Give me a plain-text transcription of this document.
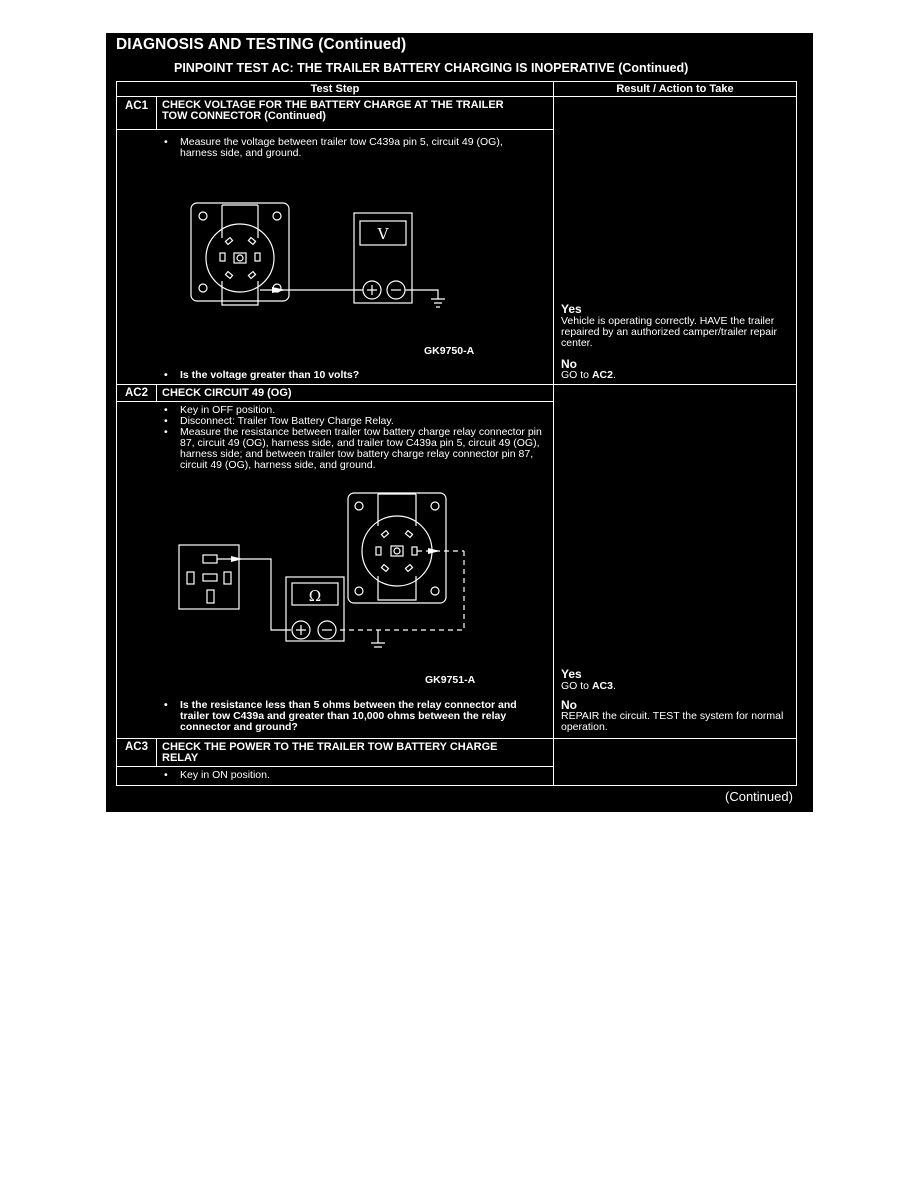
DIAGNOSIS AND TESTING (Continued)
PINPOINT TEST AC: THE TRAILER BATTERY CHARGING IS INOPERATIVE (Continued)
Test Step	Result / Action to Take
AC1	CHECK VOLTAGE FOR THE BATTERY CHARGE AT THE TRAILER TOW CONNECTOR (Continued)
• Measure the voltage between trailer tow C439a pin 5, circuit 49 (OG), harness side, and ground.
V
GK9750-A
• Is the voltage greater than 10 volts?
Yes
Vehicle is operating correctly. HAVE the trailer repaired by an authorized camper/trailer repair center.
No
GO to AC2.
AC2	CHECK CIRCUIT 49 (OG)
• Key in OFF position.
• Disconnect: Trailer Tow Battery Charge Relay.
• Measure the resistance between trailer tow battery charge relay connector pin 87, circuit 49 (OG), harness side, and trailer tow C439a pin 5, circuit 49 (OG), harness side; and between trailer tow battery charge relay connector pin 87, circuit 49 (OG), harness side, and ground.
Ω
GK9751-A
• Is the resistance less than 5 ohms between the relay connector and trailer tow C439a and greater than 10,000 ohms between the relay connector and ground?
Yes
GO to AC3.
No
REPAIR the circuit. TEST the system for normal operation.
AC3	CHECK THE POWER TO THE TRAILER TOW BATTERY CHARGE RELAY
• Key in ON position.
(Continued)
